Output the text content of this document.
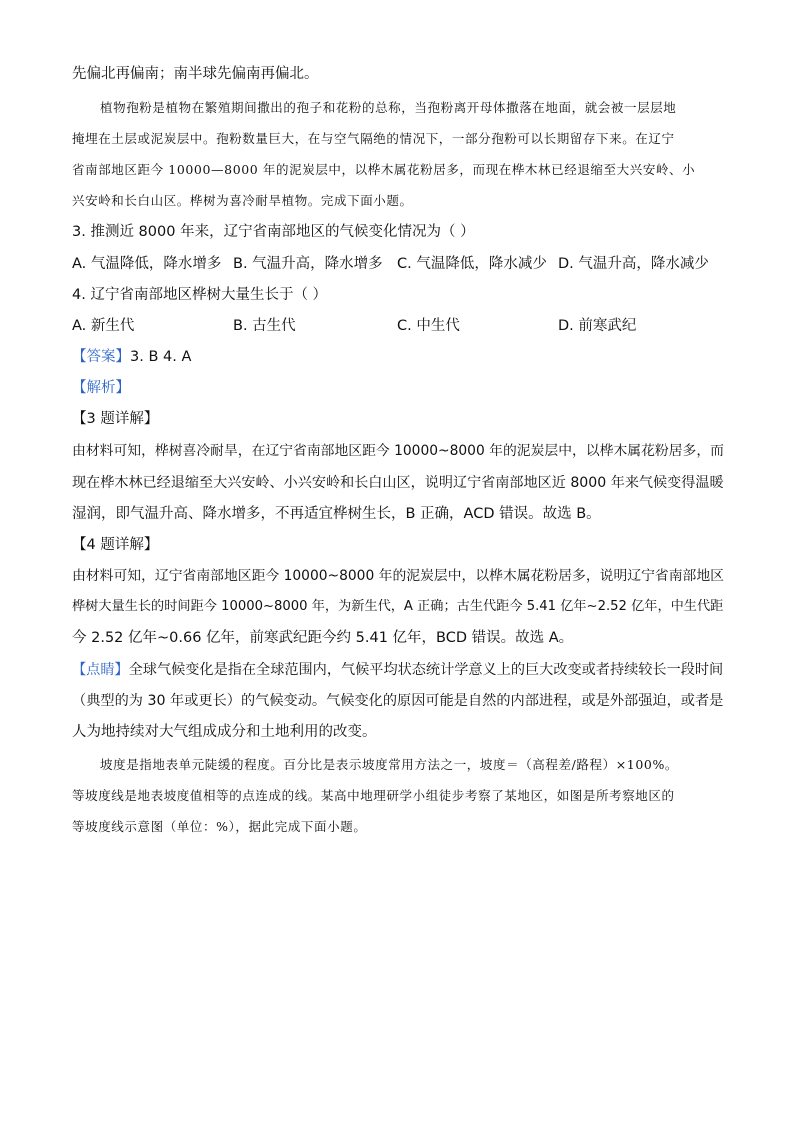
先偏北再偏南；南半球先偏南再偏北。
植物孢粉是植物在繁殖期间撒出的孢子和花粉的总称，当孢粉离开母体撒落在地面，就会被一层层地
掩埋在土层或泥炭层中。孢粉数量巨大，在与空气隔绝的情况下，一部分孢粉可以长期留存下来。在辽宁
省南部地区距今 10000—8000 年的泥炭层中，以桦木属花粉居多，而现在桦木林已经退缩至大兴安岭、小
兴安岭和长白山区。桦树为喜冷耐旱植物。完成下面小题。
3. 推测近 8000 年来，辽宁省南部地区的气候变化情况为（ ）
A. 气温降低，降水增多 B. 气温升高，降水增多 C. 气温降低，降水减少 D. 气温升高，降水减少
4. 辽宁省南部地区桦树大量生长于（ ）
A. 新生代	B. 古生代	C. 中生代	D. 前寒武纪
【答案】3. B 4. A
【解析】
【3 题详解】
由材料可知，桦树喜冷耐旱，在辽宁省南部地区距今 10000~8000 年的泥炭层中，以桦木属花粉居多，而
现在桦木林已经退缩至大兴安岭、小兴安岭和长白山区，说明辽宁省南部地区近 8000 年来气候变得温暖
湿润，即气温升高、降水增多，不再适宜桦树生长，B 正确，ACD 错误。故选 B。
【4 题详解】
由材料可知，辽宁省南部地区距今 10000~8000 年的泥炭层中，以桦木属花粉居多，说明辽宁省南部地区
桦树大量生长的时间距今 10000~8000 年，为新生代，A 正确；古生代距今 5.41 亿年~2.52 亿年，中生代距
今 2.52 亿年~0.66 亿年，前寒武纪距今约 5.41 亿年，BCD 错误。故选 A。
【点睛】全球气候变化是指在全球范围内，气候平均状态统计学意义上的巨大改变或者持续较长一段时间
（典型的为 30 年或更长）的气候变动。气候变化的原因可能是自然的内部进程，或是外部强迫，或者是
人为地持续对大气组成成分和土地利用的改变。
坡度是指地表单元陡缓的程度。百分比是表示坡度常用方法之一，坡度＝（高程差/路程）×100%。
等坡度线是地表坡度值相等的点连成的线。某高中地理研学小组徒步考察了某地区，如图是所考察地区的
等坡度线示意图（单位：%），据此完成下面小题。
